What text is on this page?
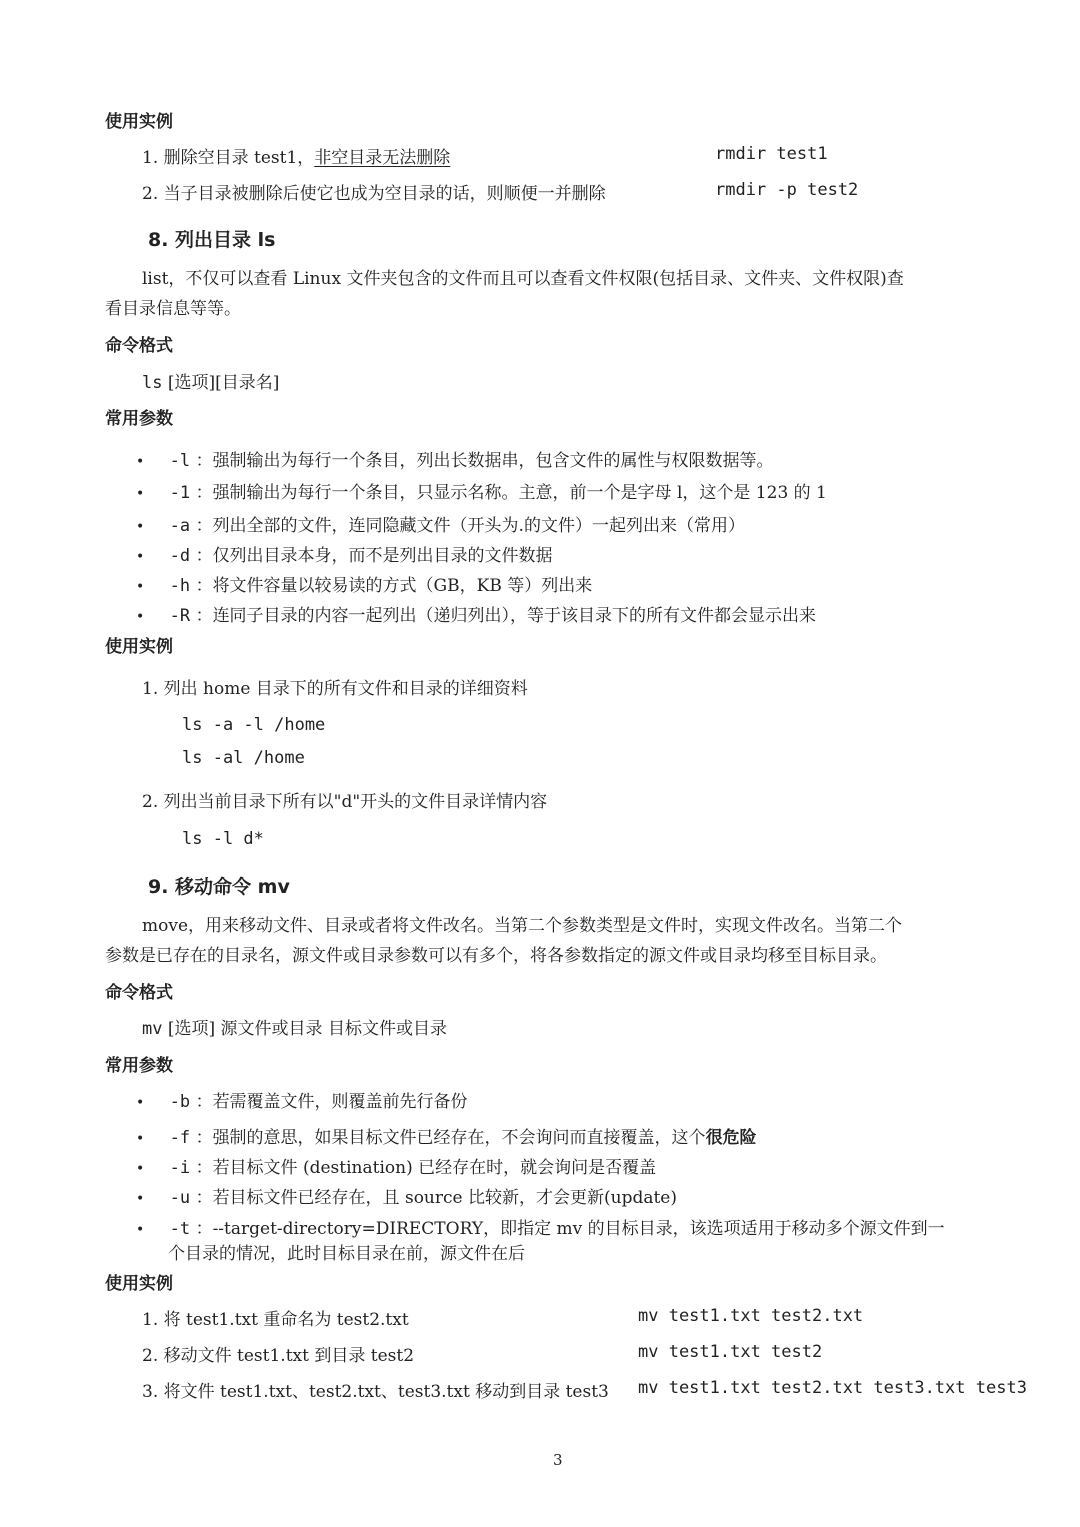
使用实例
1. 删除空目录 test1，非空目录无法删除	rmdir test1
2. 当子目录被删除后使它也成为空目录的话，则顺便一并删除	rmdir -p test2
8. 列出目录 ls
list，不仅可以查看 Linux 文件夹包含的文件而且可以查看文件权限(包括目录、文件夹、文件权限)查
看目录信息等等。
命令格式
ls [选项][目录名]
常用参数
• -l ：强制输出为每行一个条目，列出长数据串，包含文件的属性与权限数据等。
• -1 ：强制输出为每行一个条目，只显示名称。主意，前一个是字母 l，这个是 123 的 1
• -a ：列出全部的文件，连同隐藏文件（开头为.的文件）一起列出来（常用）
• -d ：仅列出目录本身，而不是列出目录的文件数据
• -h ：将文件容量以较易读的方式（GB，KB 等）列出来
• -R ：连同子目录的内容一起列出（递归列出），等于该目录下的所有文件都会显示出来
使用实例
1. 列出 home 目录下的所有文件和目录的详细资料
ls -a -l /home
ls -al /home
2. 列出当前目录下所有以"d"开头的文件目录详情内容
ls -l d*
9. 移动命令 mv
move，用来移动文件、目录或者将文件改名。当第二个参数类型是文件时，实现文件改名。当第二个
参数是已存在的目录名，源文件或目录参数可以有多个，将各参数指定的源文件或目录均移至目标目录。
命令格式
mv [选项] 源文件或目录 目标文件或目录
常用参数
• -b ：若需覆盖文件，则覆盖前先行备份
• -f ：强制的意思，如果目标文件已经存在，不会询问而直接覆盖，这个很危险
• -i ：若目标文件 (destination) 已经存在时，就会询问是否覆盖
• -u ：若目标文件已经存在，且 source 比较新，才会更新(update)
• -t ：--target-directory=DIRECTORY，即指定 mv 的目标目录，该选项适用于移动多个源文件到一
个目录的情况，此时目标目录在前，源文件在后
使用实例
1. 将 test1.txt 重命名为 test2.txt	mv test1.txt test2.txt
2. 移动文件 test1.txt 到目录 test2	mv test1.txt test2
3. 将文件 test1.txt、test2.txt、test3.txt 移动到目录 test3 mv test1.txt test2.txt test3.txt test3
3
